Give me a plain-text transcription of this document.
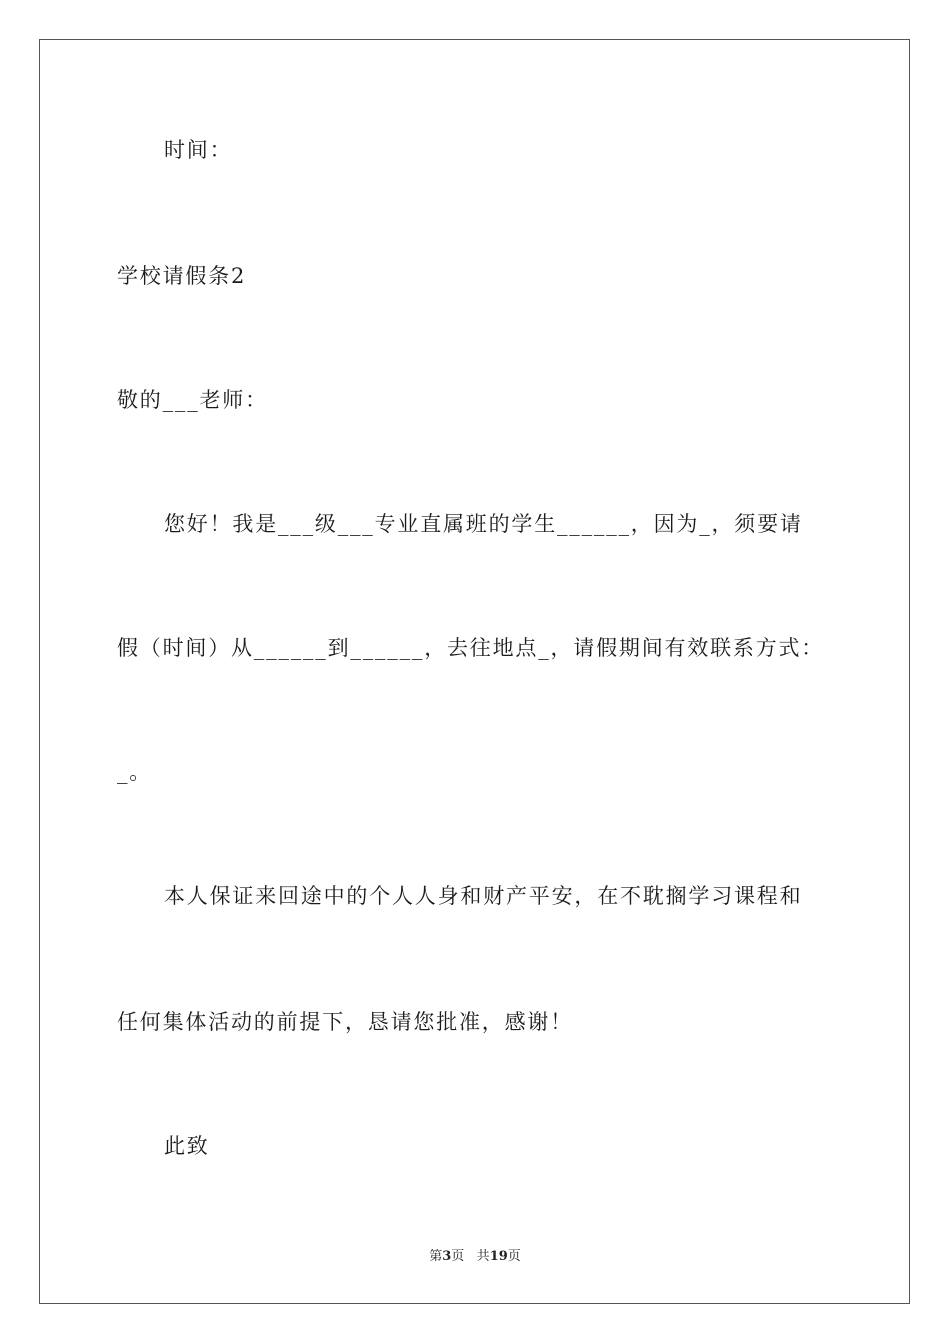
时间：
学校请假条2
敬的___老师：
您好！我是___级___专业直属班的学生______，因为_，须要请
假（时间）从______到______，去往地点_，请假期间有效联系方式：
_。
本人保证来回途中的个人人身和财产平安，在不耽搁学习课程和
任何集体活动的前提下，恳请您批准，感谢！
此致
第3页 共19页
